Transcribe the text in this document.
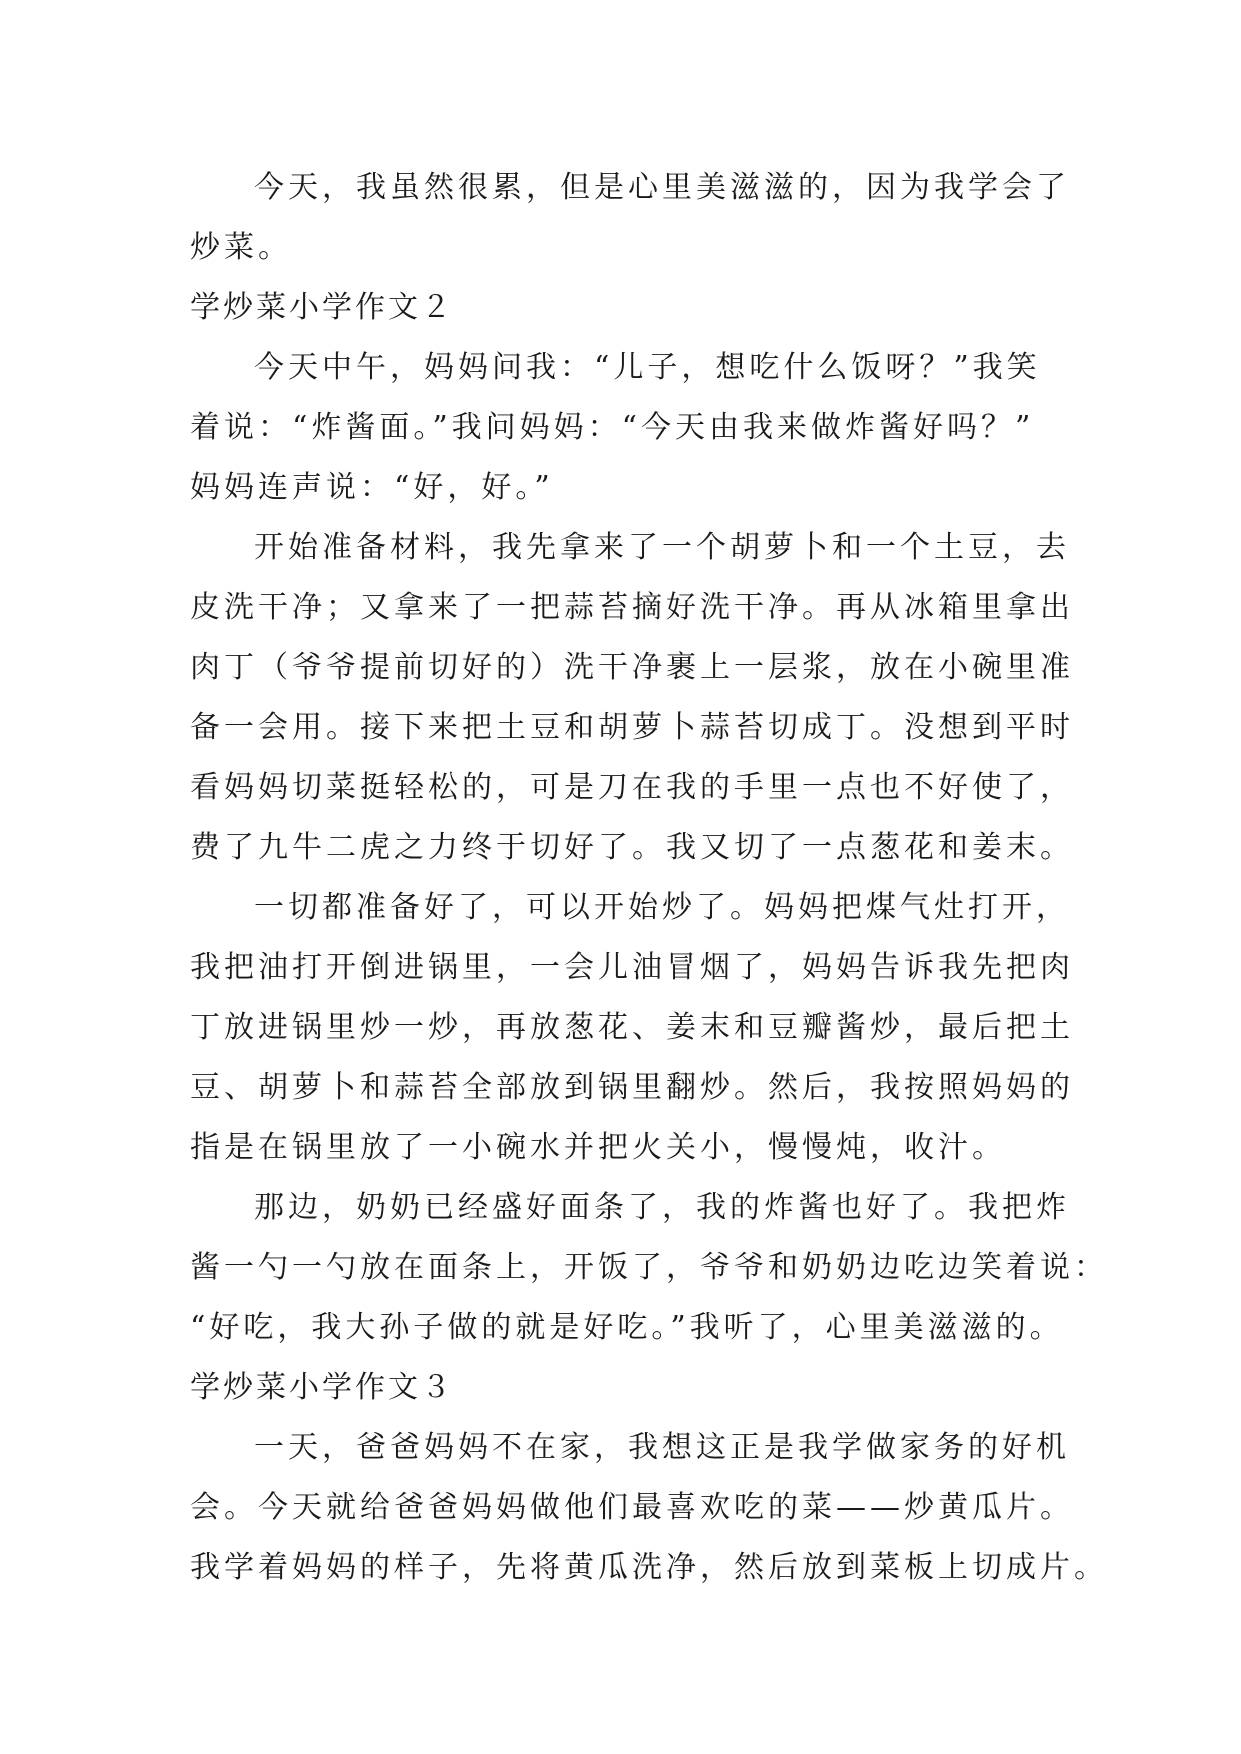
今天，我虽然很累，但是心里美滋滋的，因为我学会了
炒菜。
学炒菜小学作文２
今天中午，妈妈问我：“儿子，想吃什么饭呀？”我笑
着说：“炸酱面。”我问妈妈：“今天由我来做炸酱好吗？”
妈妈连声说：“好，好。”
开始准备材料，我先拿来了一个胡萝卜和一个土豆，去
皮洗干净；又拿来了一把蒜苔摘好洗干净。再从冰箱里拿出
肉丁（爷爷提前切好的）洗干净裹上一层浆，放在小碗里准
备一会用。接下来把土豆和胡萝卜蒜苔切成丁。没想到平时
看妈妈切菜挺轻松的，可是刀在我的手里一点也不好使了，
费了九牛二虎之力终于切好了。我又切了一点葱花和姜末。
一切都准备好了，可以开始炒了。妈妈把煤气灶打开，
我把油打开倒进锅里，一会儿油冒烟了，妈妈告诉我先把肉
丁放进锅里炒一炒，再放葱花、姜末和豆瓣酱炒，最后把土
豆、胡萝卜和蒜苔全部放到锅里翻炒。然后，我按照妈妈的
指是在锅里放了一小碗水并把火关小，慢慢炖，收汁。
那边，奶奶已经盛好面条了，我的炸酱也好了。我把炸
酱一勺一勺放在面条上，开饭了，爷爷和奶奶边吃边笑着说：
“好吃，我大孙子做的就是好吃。”我听了，心里美滋滋的。
学炒菜小学作文３
一天，爸爸妈妈不在家，我想这正是我学做家务的好机
会。今天就给爸爸妈妈做他们最喜欢吃的菜——炒黄瓜片。
我学着妈妈的样子，先将黄瓜洗净，然后放到菜板上切成片。
